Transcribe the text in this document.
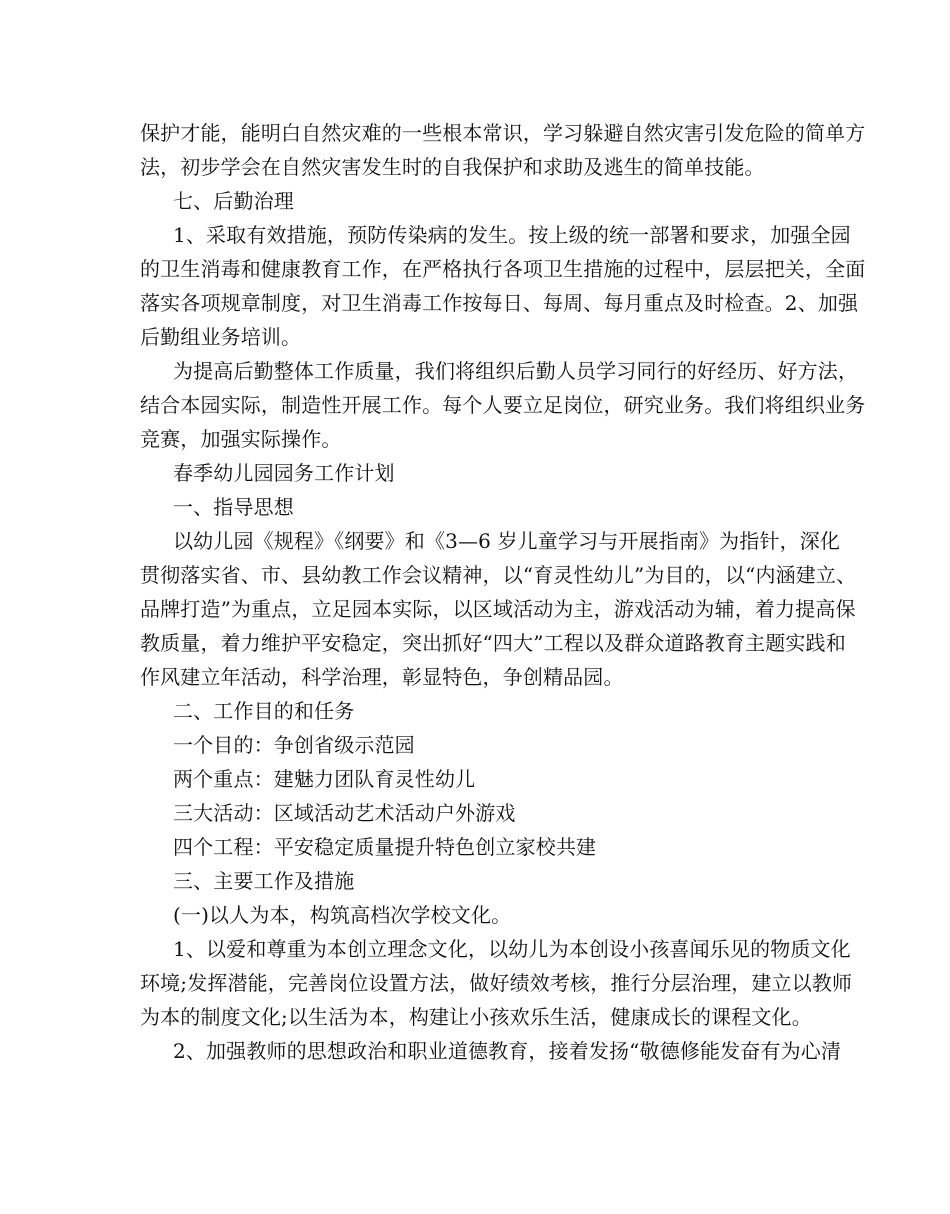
保护才能，能明白自然灾难的一些根本常识，学习躲避自然灾害引发危险的简单方
法，初步学会在自然灾害发生时的自我保护和求助及逃生的简单技能。
七、后勤治理
1、采取有效措施，预防传染病的发生。按上级的统一部署和要求，加强全园
的卫生消毒和健康教育工作，在严格执行各项卫生措施的过程中，层层把关，全面
落实各项规章制度，对卫生消毒工作按每日、每周、每月重点及时检查。2、加强
后勤组业务培训。
为提高后勤整体工作质量，我们将组织后勤人员学习同行的好经历、好方法，
结合本园实际，制造性开展工作。每个人要立足岗位，研究业务。我们将组织业务
竞赛，加强实际操作。
春季幼儿园园务工作计划
一、指导思想
以幼儿园《规程》《纲要》和《3—6 岁儿童学习与开展指南》为指针，深化
贯彻落实省、市、县幼教工作会议精神，以“育灵性幼儿”为目的，以“内涵建立、
品牌打造”为重点，立足园本实际，以区域活动为主，游戏活动为辅，着力提高保
教质量，着力维护平安稳定，突出抓好“四大”工程以及群众道路教育主题实践和
作风建立年活动，科学治理，彰显特色，争创精品园。
二、工作目的和任务
一个目的：争创省级示范园
两个重点：建魅力团队育灵性幼儿
三大活动：区域活动艺术活动户外游戏
四个工程：平安稳定质量提升特色创立家校共建
三、主要工作及措施
(一)以人为本，构筑高档次学校文化。
1、以爱和尊重为本创立理念文化，以幼儿为本创设小孩喜闻乐见的物质文化
环境;发挥潜能，完善岗位设置方法，做好绩效考核，推行分层治理，建立以教师
为本的制度文化;以生活为本，构建让小孩欢乐生活，健康成长的课程文化。
2、加强教师的思想政治和职业道德教育，接着发扬“敬德修能发奋有为心清
